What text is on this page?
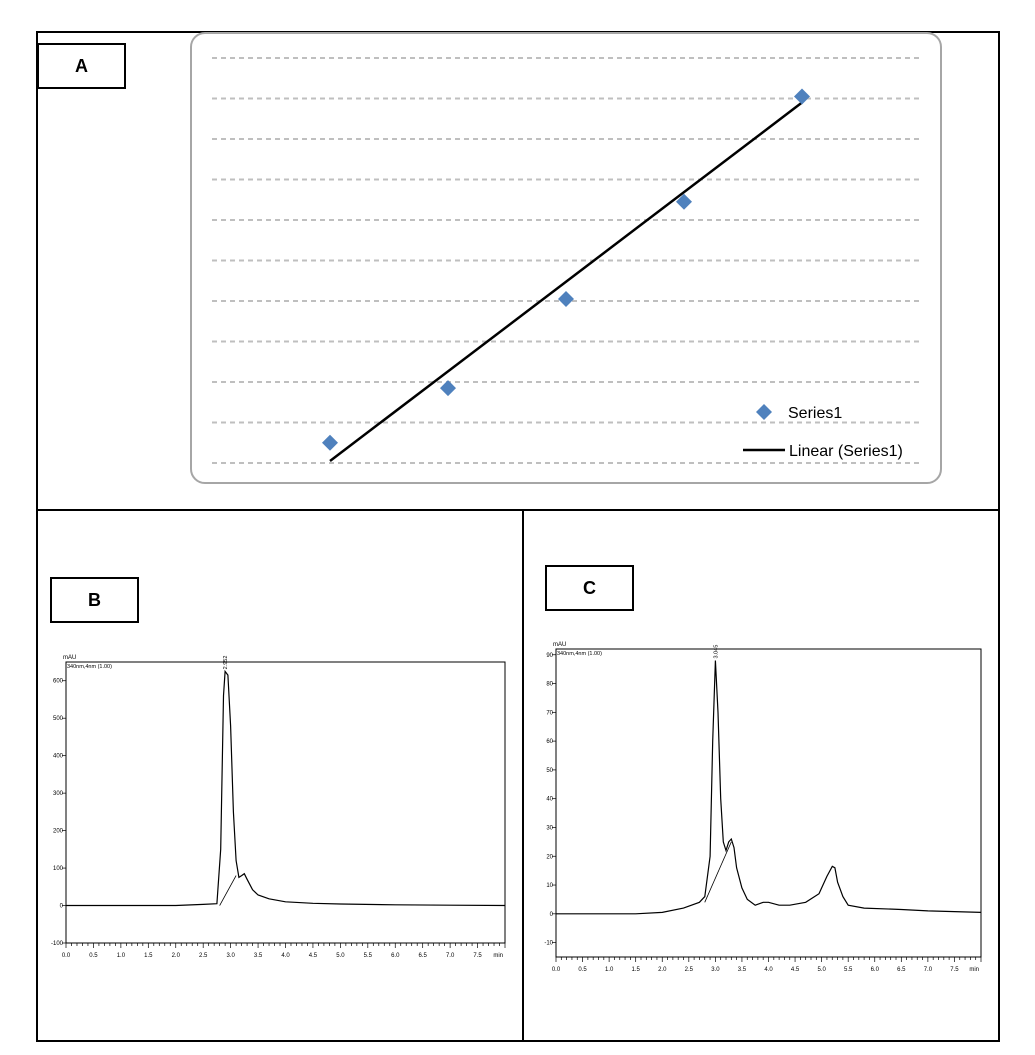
Series1
Linear (Series1)
0.0	0.5	1.0	1.5	2.0	2.5	3.0	3.5	4.0	4.5	5.0	5.5	6.0	6.5	7.0	7.5 min
-100
0
100
200
300
400
500
600
mAU
340nm,4nm (1.00)	2.952
0.0	0.5	1.0	1.5	2.0	2.5	3.0	3.5	4.0	4.5	5.0	5.5	6.0	6.5	7.0	7.5 min
-10
0
10
20
30
40
50
60
70
80
90
mAU
340nm,4nm (1.00)	3.045
A
B
C
